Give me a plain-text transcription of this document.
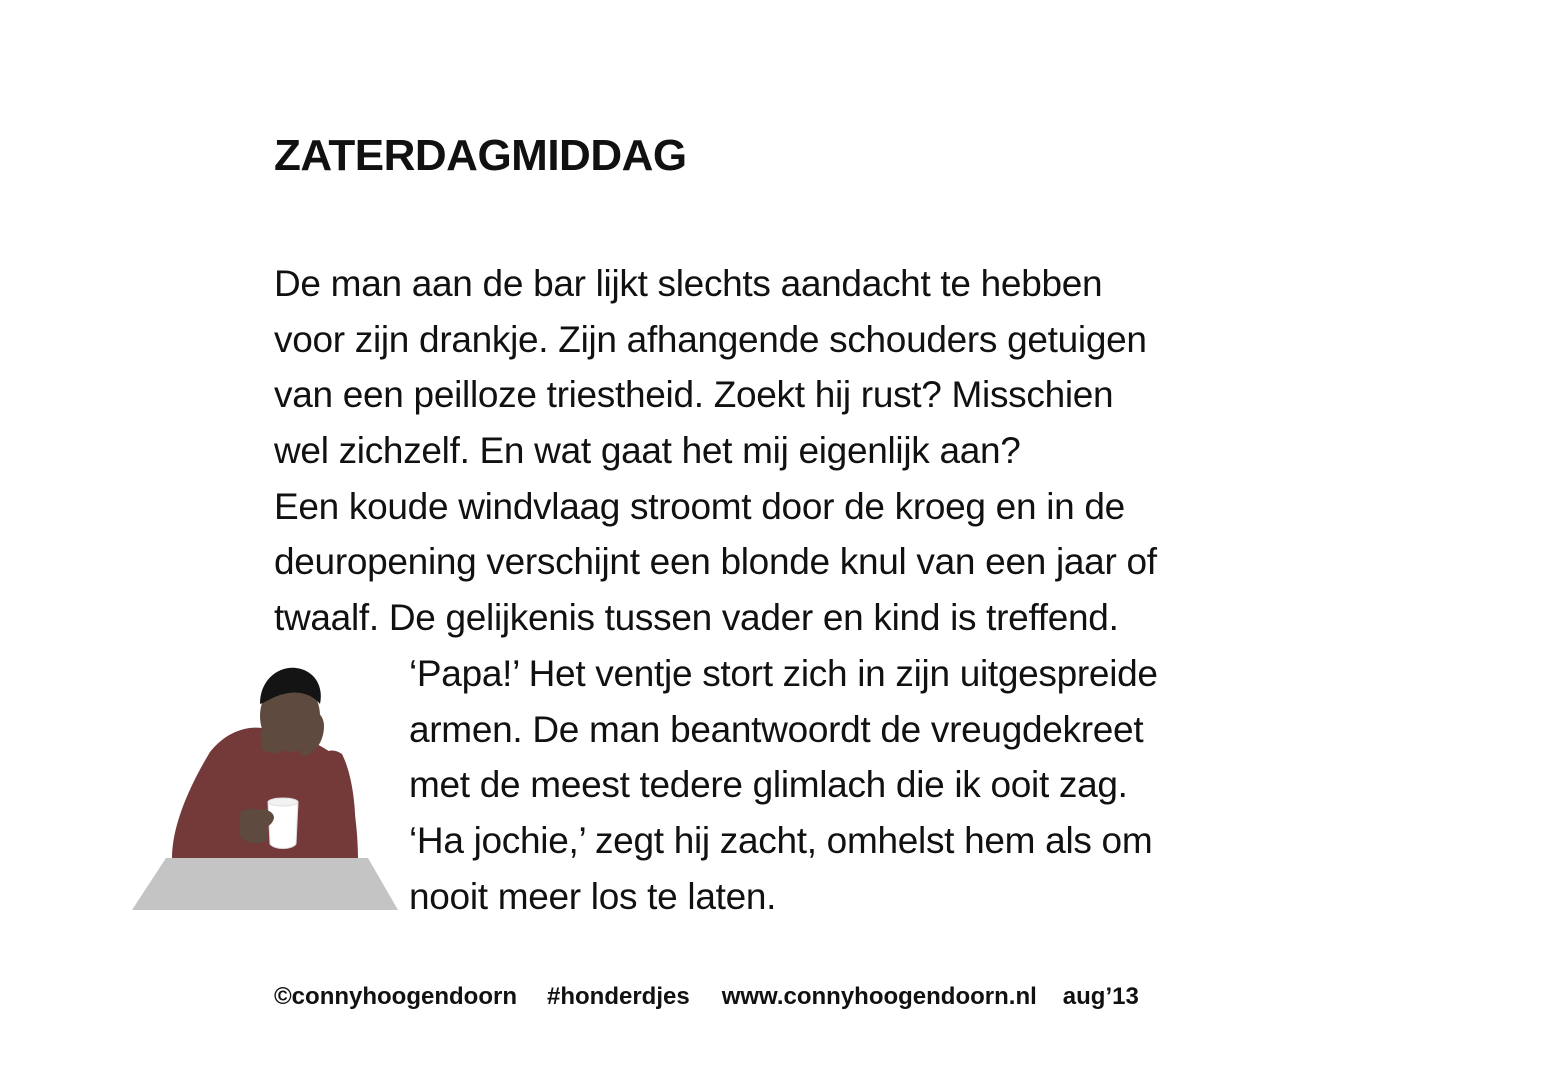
ZATERDAGMIDDAG
De man aan de bar lijkt slechts aandacht te hebben
voor zijn drankje. Zijn afhangende schouders getuigen
van een peilloze triestheid. Zoekt hij rust? Misschien
wel zichzelf. En wat gaat het mij eigenlijk aan?
Een koude windvlaag stroomt door de kroeg en in de
deuropening verschijnt een blonde knul van een jaar of
twaalf. De gelijkenis tussen vader en kind is treffend.
‘Papa!’ Het ventje stort zich in zijn uitgespreide
armen. De man beantwoordt de vreugdekreet
met de meest tedere glimlach die ik ooit zag.
‘Ha jochie,’ zegt hij zacht, omhelst hem als om
nooit meer los te laten.
©connyhoogendoorn #honderdjes www.connyhoogendoorn.nl aug’13
